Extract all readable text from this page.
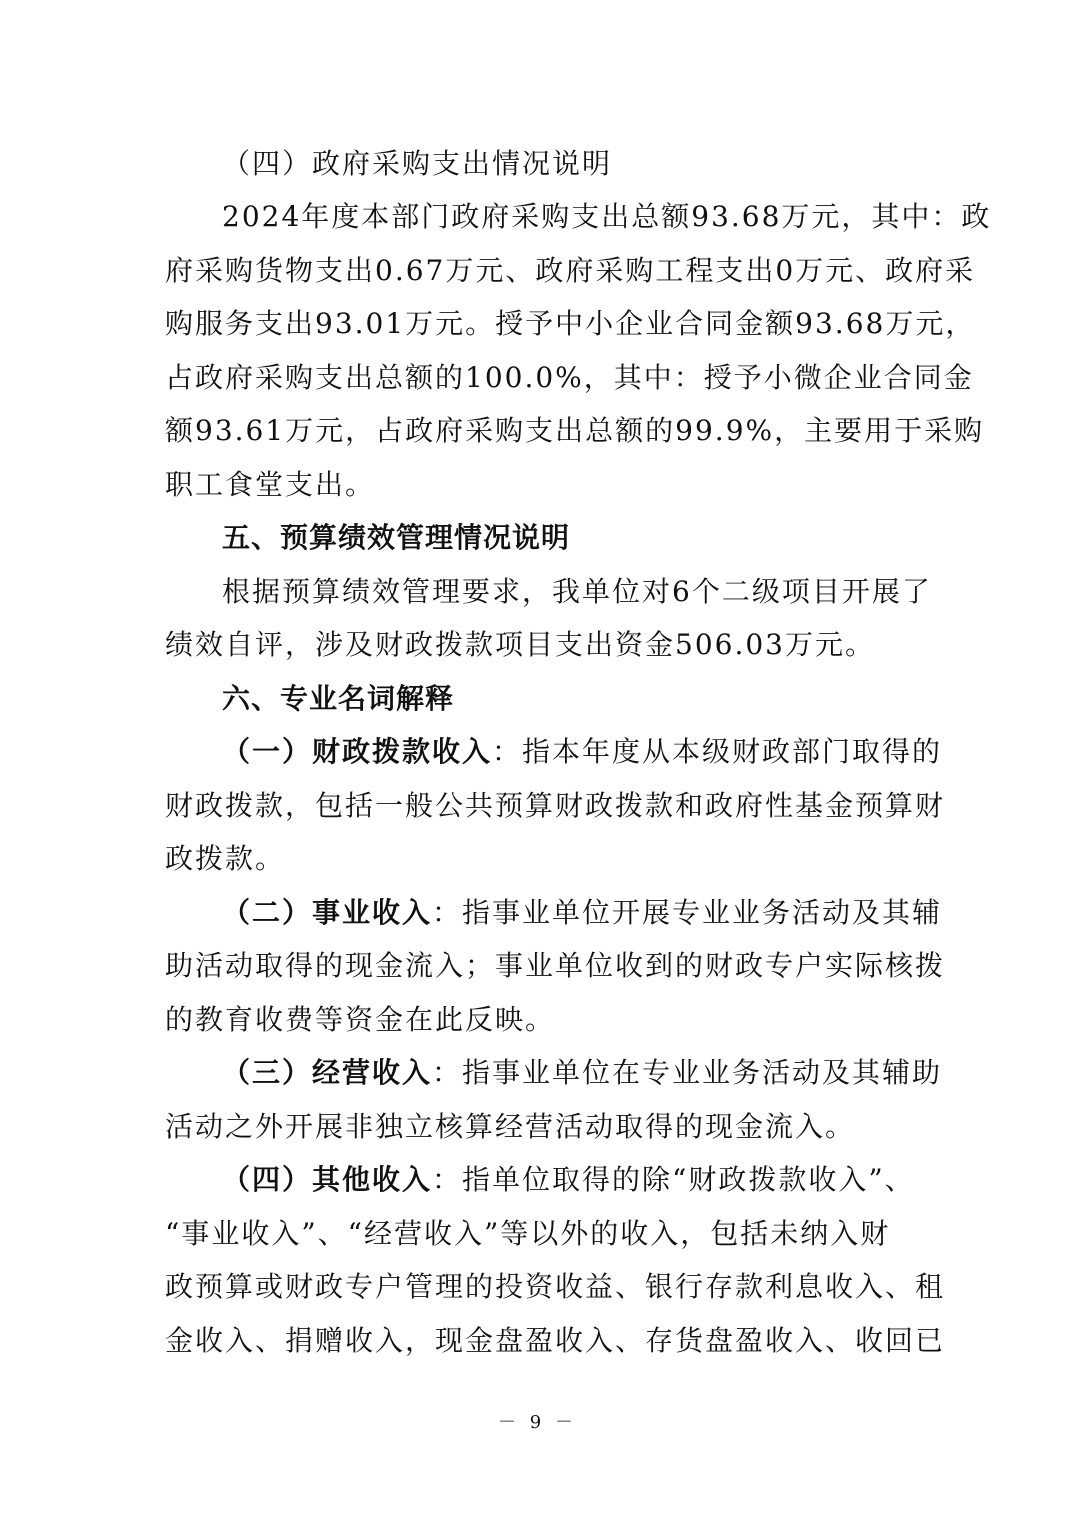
（四）政府采购支出情况说明
2024年度本部门政府采购支出总额93.68万元，其中：政
府采购货物支出0.67万元、政府采购工程支出0万元、政府采
购服务支出93.01万元。授予中小企业合同金额93.68万元，
占政府采购支出总额的100.0%，其中：授予小微企业合同金
额93.61万元，占政府采购支出总额的99.9%，主要用于采购
职工食堂支出。
五、预算绩效管理情况说明
根据预算绩效管理要求，我单位对6个二级项目开展了
绩效自评，涉及财政拨款项目支出资金506.03万元。
六、专业名词解释
（一）财政拨款收入：指本年度从本级财政部门取得的
财政拨款，包括一般公共预算财政拨款和政府性基金预算财
政拨款。
（二）事业收入：指事业单位开展专业业务活动及其辅
助活动取得的现金流入；事业单位收到的财政专户实际核拨
的教育收费等资金在此反映。
（三）经营收入：指事业单位在专业业务活动及其辅助
活动之外开展非独立核算经营活动取得的现金流入。
（四）其他收入：指单位取得的除“财政拨款收入”、
“事业收入”、“经营收入”等以外的收入，包括未纳入财
政预算或财政专户管理的投资收益、银行存款利息收入、租
金收入、捐赠收入，现金盘盈收入、存货盘盈收入、收回已
－ 9 －
